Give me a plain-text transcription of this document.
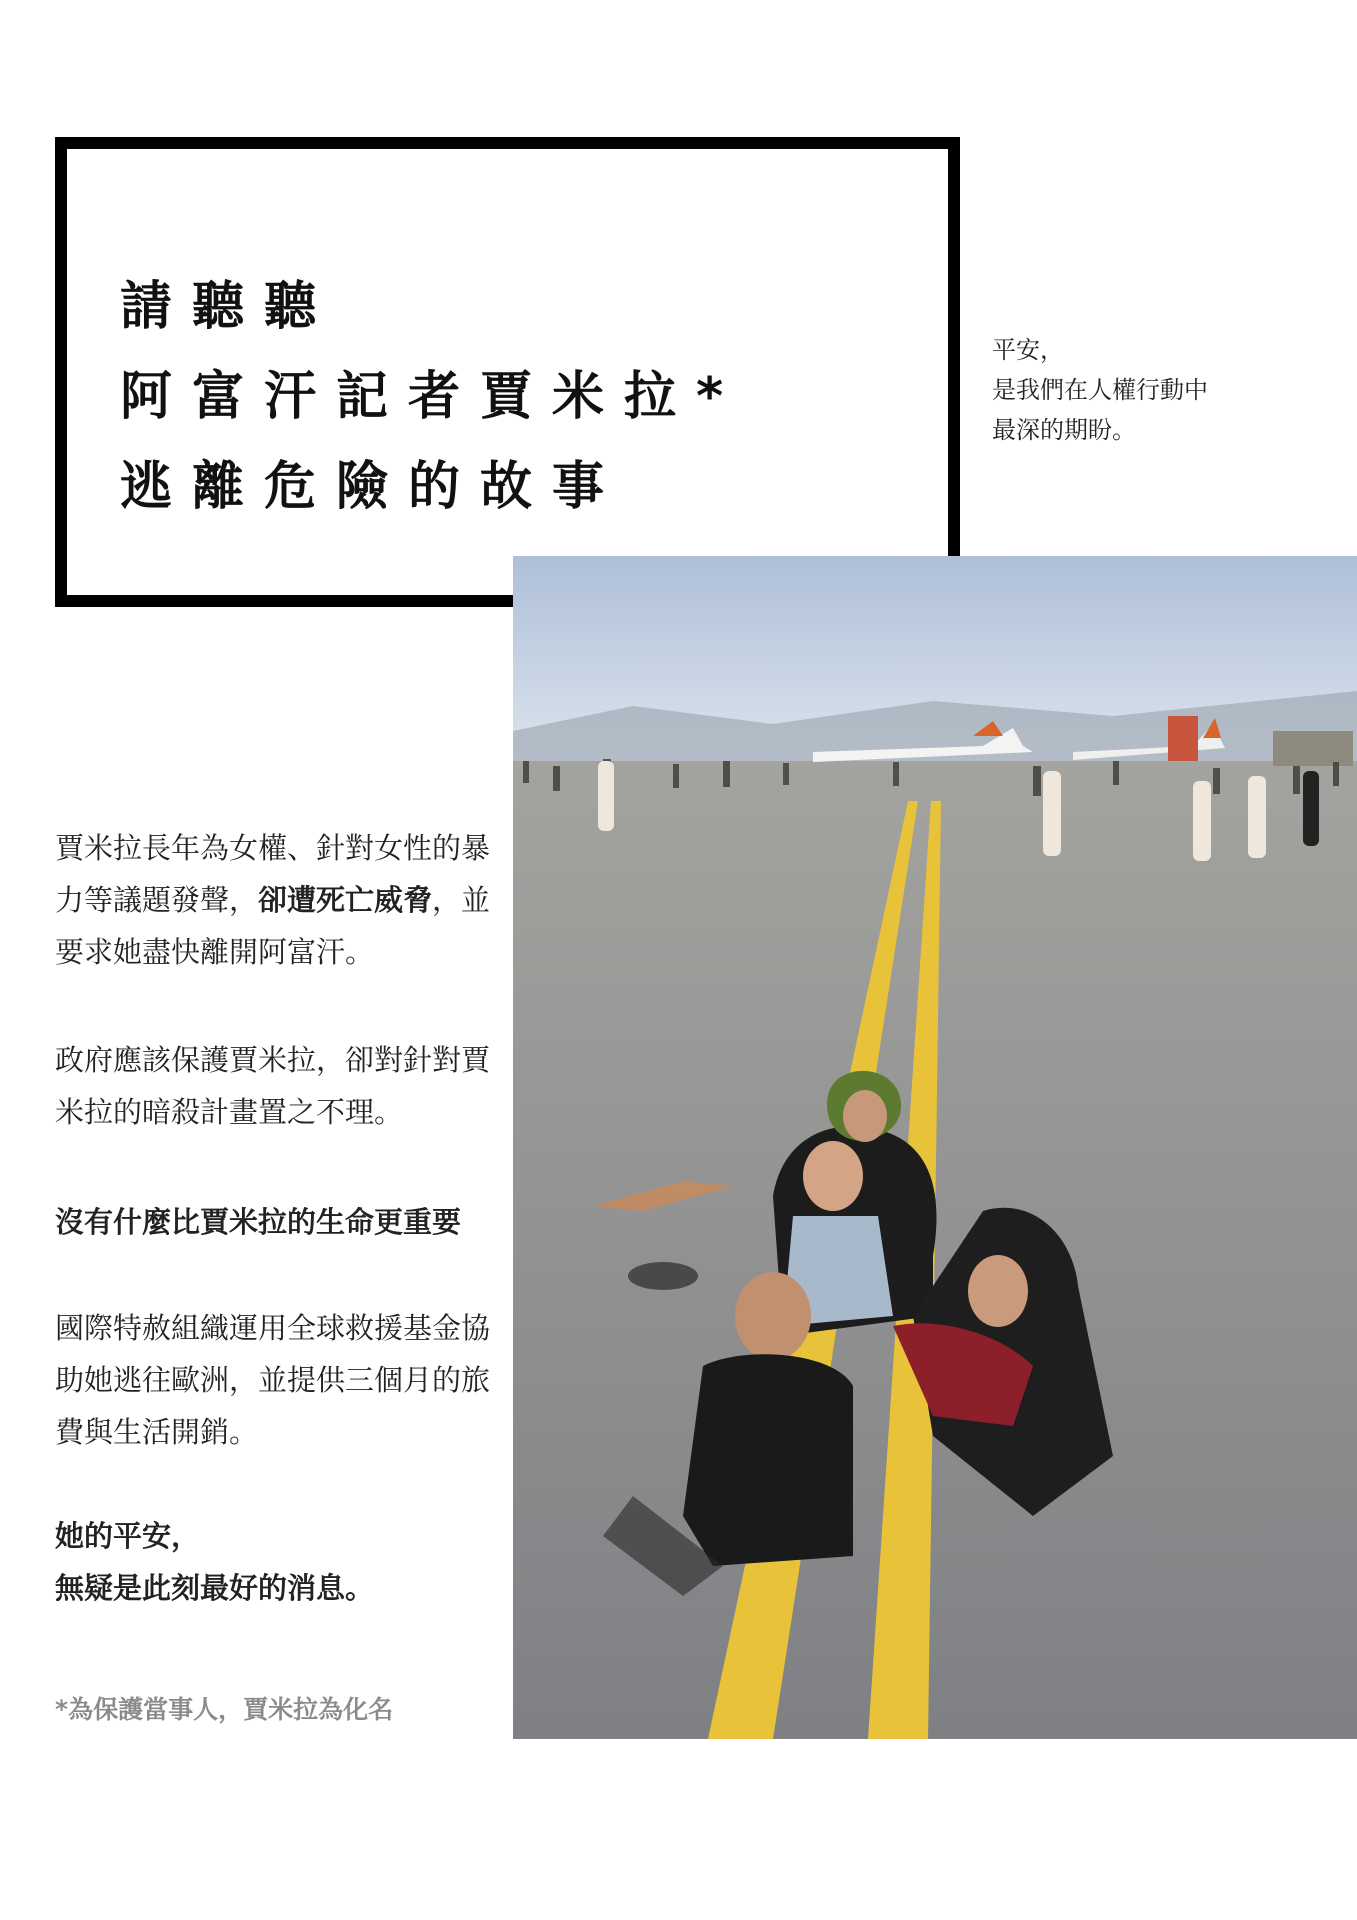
請聽聽
阿富汗記者賈米拉*
逃離危險的故事
平安，
是我們在人權行動中
最深的期盼。

賈米拉長年為女權、針對女性的暴力等議題發聲，卻遭死亡威脅，並要求她盡快離開阿富汗。

政府應該保護賈米拉，卻對針對賈米拉的暗殺計畫置之不理。

沒有什麼比賈米拉的生命更重要

國際特赦組織運用全球救援基金協助她逃往歐洲，並提供三個月的旅費與生活開銷。

她的平安，

無疑是此刻最好的消息。

*為保護當事人，賈米拉為化名
